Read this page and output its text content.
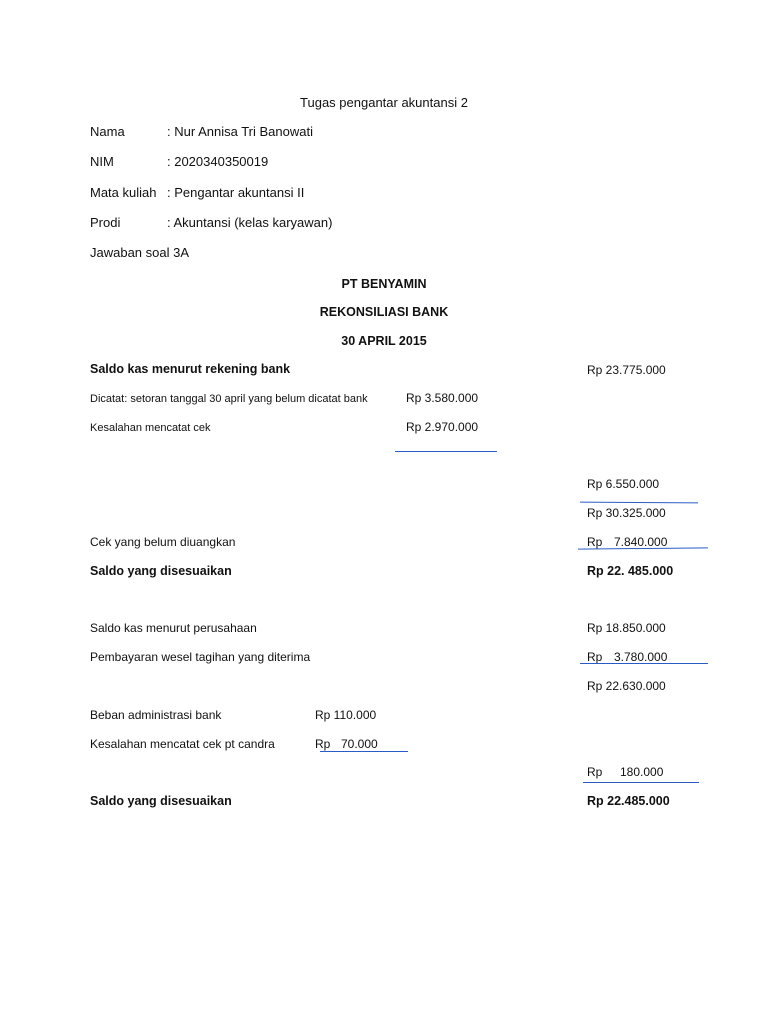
Tugas pengantar akuntansi 2
Nama	: Nur Annisa Tri Banowati
NIM	: 2020340350019
Mata kuliah : Pengantar akuntansi II
Prodi	: Akuntansi (kelas karyawan)
Jawaban soal 3A
PT BENYAMIN
REKONSILIASI BANK
30 APRIL 2015
Saldo kas menurut rekening bank	Rp 23.775.000
Dicatat: setoran tanggal 30 april yang belum dicatat bank	Rp 3.580.000
Kesalahan mencatat cek	Rp 2.970.000
Rp 6.550.000
Rp 30.325.000
Cek yang belum diuangkan	Rp 7.840.000
Saldo yang disesuaikan	Rp 22. 485.000
Saldo kas menurut perusahaan	Rp 18.850.000
Pembayaran wesel tagihan yang diterima	Rp 3.780.000
Rp 22.630.000
Beban administrasi bank	Rp 110.000
Kesalahan mencatat cek pt candra	Rp 70.000
Rp 180.000
Saldo yang disesuaikan	Rp 22.485.000
